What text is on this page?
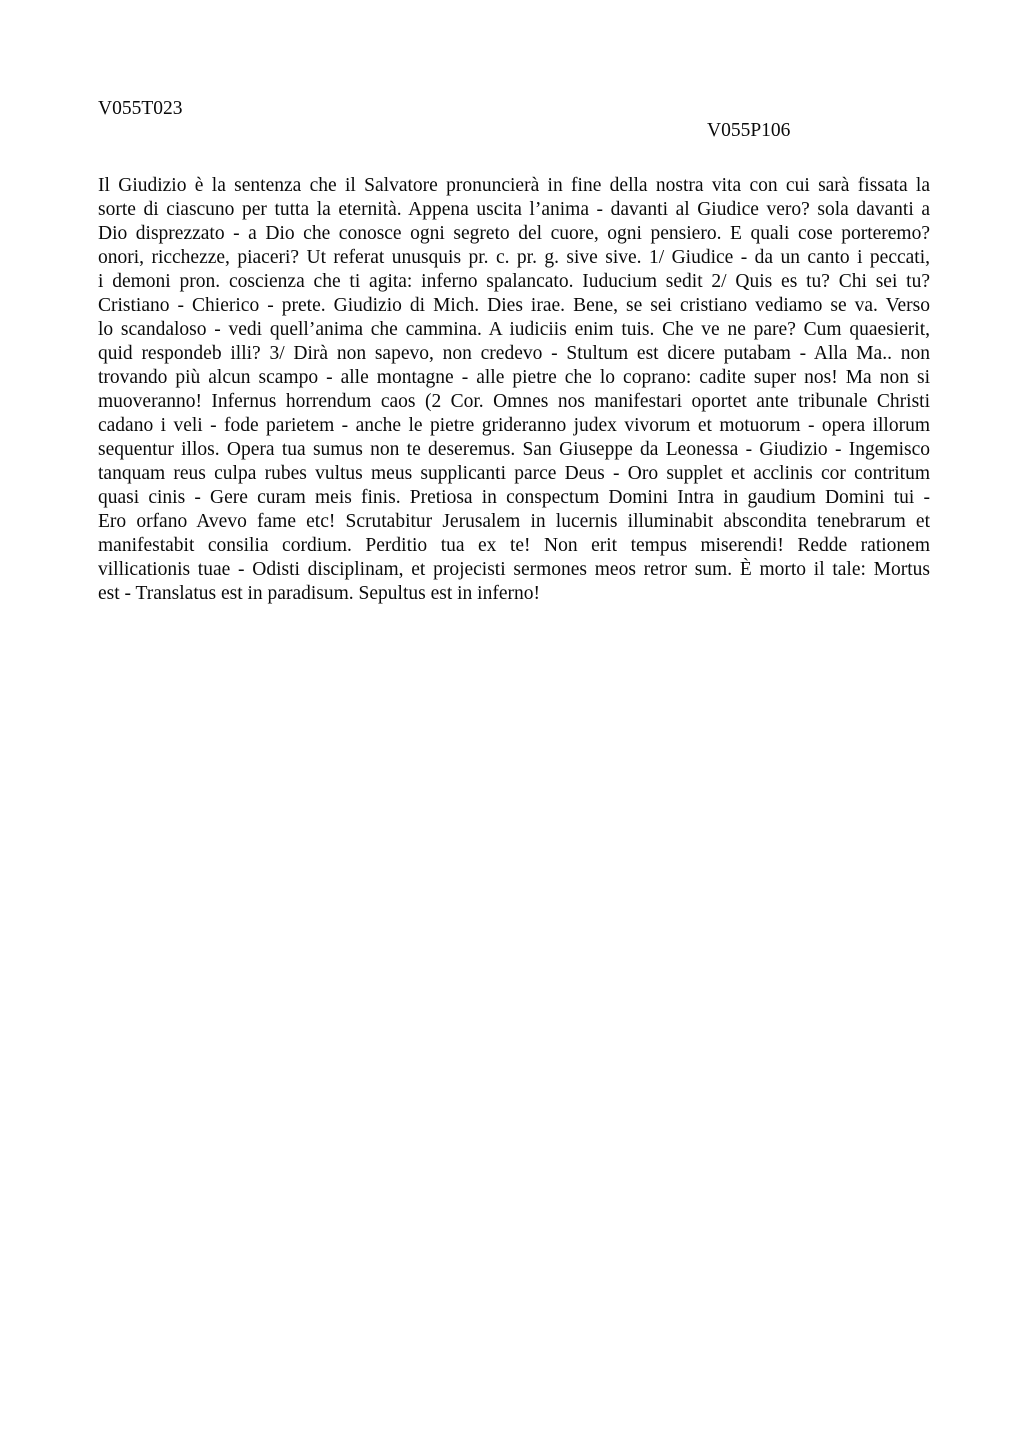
V055T023
V055P106
Il Giudizio è la sentenza che il Salvatore pronuncierà in fine della nostra vita con cui sarà fissata la
sorte di ciascuno per tutta la eternità. Appena uscita l’anima - davanti al Giudice vero? sola davanti a
Dio disprezzato - a Dio che conosce ogni segreto del cuore, ogni pensiero. E quali cose porteremo?
onori, ricchezze, piaceri? Ut referat unusquis pr. c. pr. g. sive sive. 1/ Giudice - da un canto i peccati,
i demoni pron. coscienza che ti agita: inferno spalancato. Iuducium sedit 2/ Quis es tu? Chi sei tu?
Cristiano - Chierico - prete. Giudizio di Mich. Dies irae. Bene, se sei cristiano vediamo se va. Verso
lo scandaloso - vedi quell’anima che cammina. A iudiciis enim tuis. Che ve ne pare? Cum quaesierit,
quid respondeb illi? 3/ Dirà non sapevo, non credevo - Stultum est dicere putabam - Alla Ma.. non
trovando più alcun scampo - alle montagne - alle pietre che lo coprano: cadite super nos! Ma non si
muoveranno! Infernus horrendum caos (2 Cor. Omnes nos manifestari oportet ante tribunale Christi
cadano i veli - fode parietem - anche le pietre grideranno judex vivorum et motuorum - opera illorum
sequentur illos. Opera tua sumus non te deseremus. San Giuseppe da Leonessa - Giudizio - Ingemisco
tanquam reus culpa rubes vultus meus supplicanti parce Deus - Oro supplet et acclinis cor contritum
quasi cinis - Gere curam meis finis. Pretiosa in conspectum Domini Intra in gaudium Domini tui -
Ero orfano Avevo fame etc! Scrutabitur Jerusalem in lucernis illuminabit abscondita tenebrarum et
manifestabit consilia cordium. Perditio tua ex te! Non erit tempus miserendi! Redde rationem
villicationis tuae - Odisti disciplinam, et projecisti sermones meos retror sum. È morto il tale: Mortus
est - Translatus est in paradisum. Sepultus est in inferno!
